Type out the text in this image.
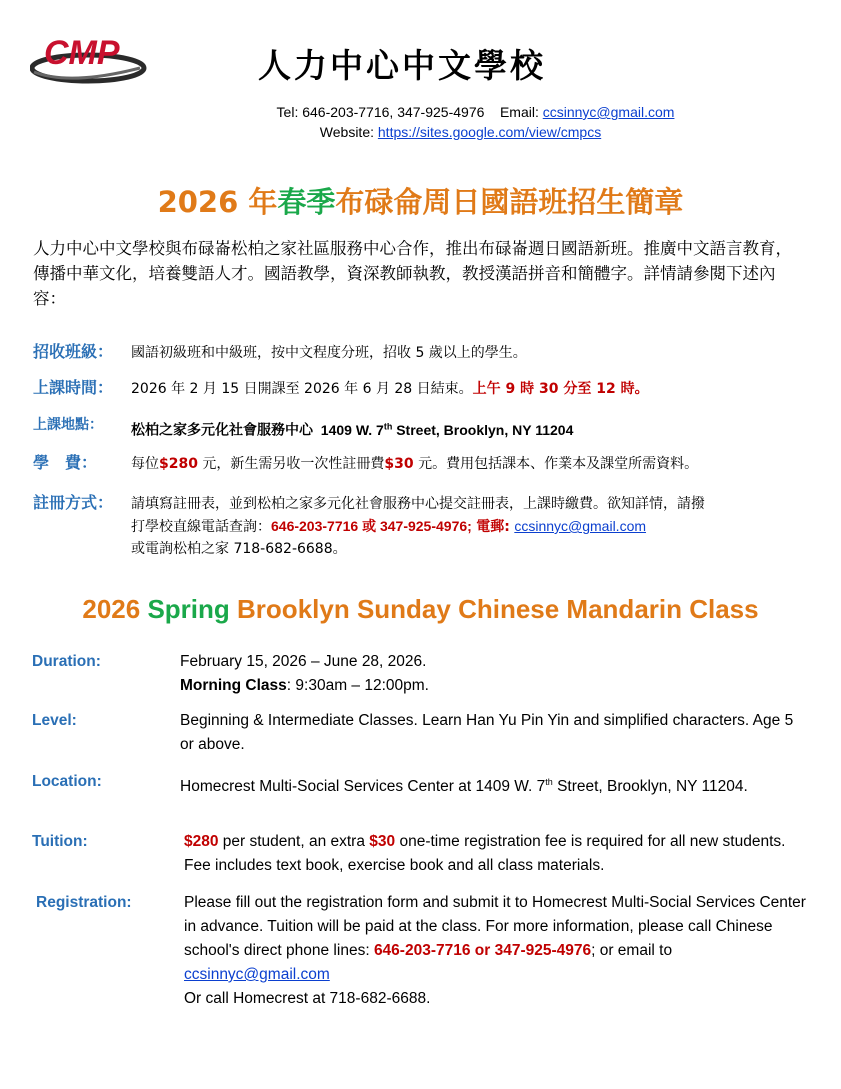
CMP	人力中心中文學校
Tel: 646-203-7716, 347-925-4976 Email: ccsinnyc@gmail.com
Website: https://sites.google.com/view/cmpcs
2026 年春季布碌侖周日國語班招生簡章
人力中心中文學校與布碌崙松柏之家社區服務中心合作，推出布碌崙週日國語新班。推廣中文語言教育，傳播中華文化，培養雙語人才。國語教學，資深教師執教，教授漢語拼音和簡體字。詳情請參閱下述內容：
招收班級：	國語初級班和中級班，按中文程度分班，招收 5 歲以上的學生。
上課時間：	2026 年 2 月 15 日開課至 2026 年 6 月 28 日結束。上午 9 時 30 分至 12 時。
上課地點：	松柏之家多元化社會服務中心 1409 W. 7th Street, Brooklyn, NY 11204
學　費：	每位$280 元，新生需另收一次性註冊費$30 元。費用包括課本、作業本及課堂所需資料。
註冊方式：	請填寫註冊表，並到松柏之家多元化社會服務中心提交註冊表，上課時繳費。欲知詳情，請撥
打學校直線電話查詢：646-203-7716 或 347-925-4976; 電郵: ccsinnyc@gmail.com
或電詢松柏之家 718-682-6688。
2026 Spring Brooklyn Sunday Chinese Mandarin Class
Duration:	February 15, 2026 – June 28, 2026.
Morning Class: 9:30am – 12:00pm.
Level:	Beginning & Intermediate Classes. Learn Han Yu Pin Yin and simplified characters. Age 5 or above.
Location:	Homecrest Multi-Social Services Center at 1409 W. 7th Street, Brooklyn, NY 11204.
Tuition:	$280 per student, an extra $30 one-time registration fee is required for all new students. Fee includes text book, exercise book and all class materials.
Registration:	Please fill out the registration form and submit it to Homecrest Multi-Social Services Center in advance. Tuition will be paid at the class. For more information, please call Chinese school's direct phone lines: 646-203-7716 or 347-925-4976; or email to ccsinnyc@gmail.com
Or call Homecrest at 718-682-6688.
